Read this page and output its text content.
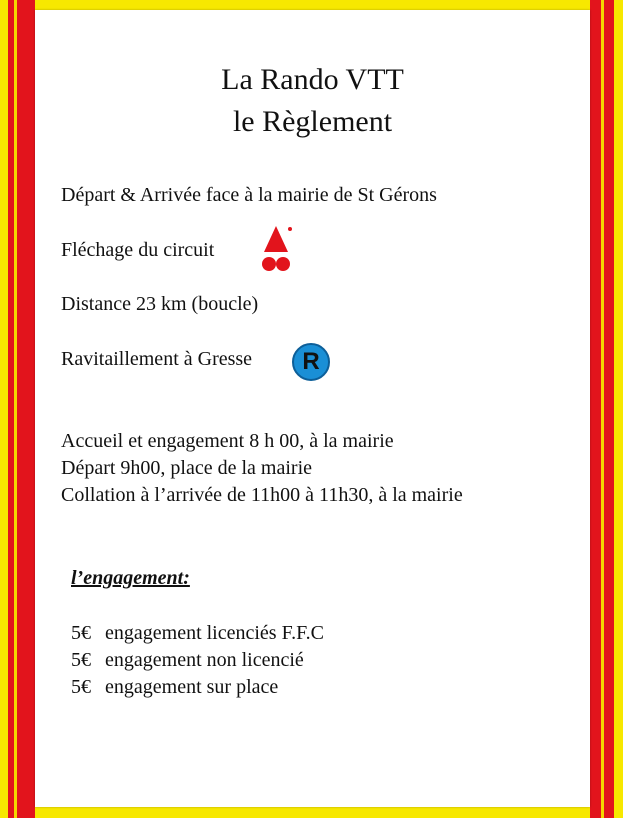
La Rando VTT
le Règlement
Départ & Arrivée face à la mairie de St Gérons
Fléchage du circuit
Distance 23 km (boucle)
Ravitaillement à Gresse	R
Accueil et engagement 8 h 00, à la mairie
Départ 9h00, place de la mairie
Collation à l’arrivée de 11h00 à 11h30, à la mairie
l’engagement:
5€ engagement licenciés F.F.C
5€ engagement non licencié
5€ engagement sur place
